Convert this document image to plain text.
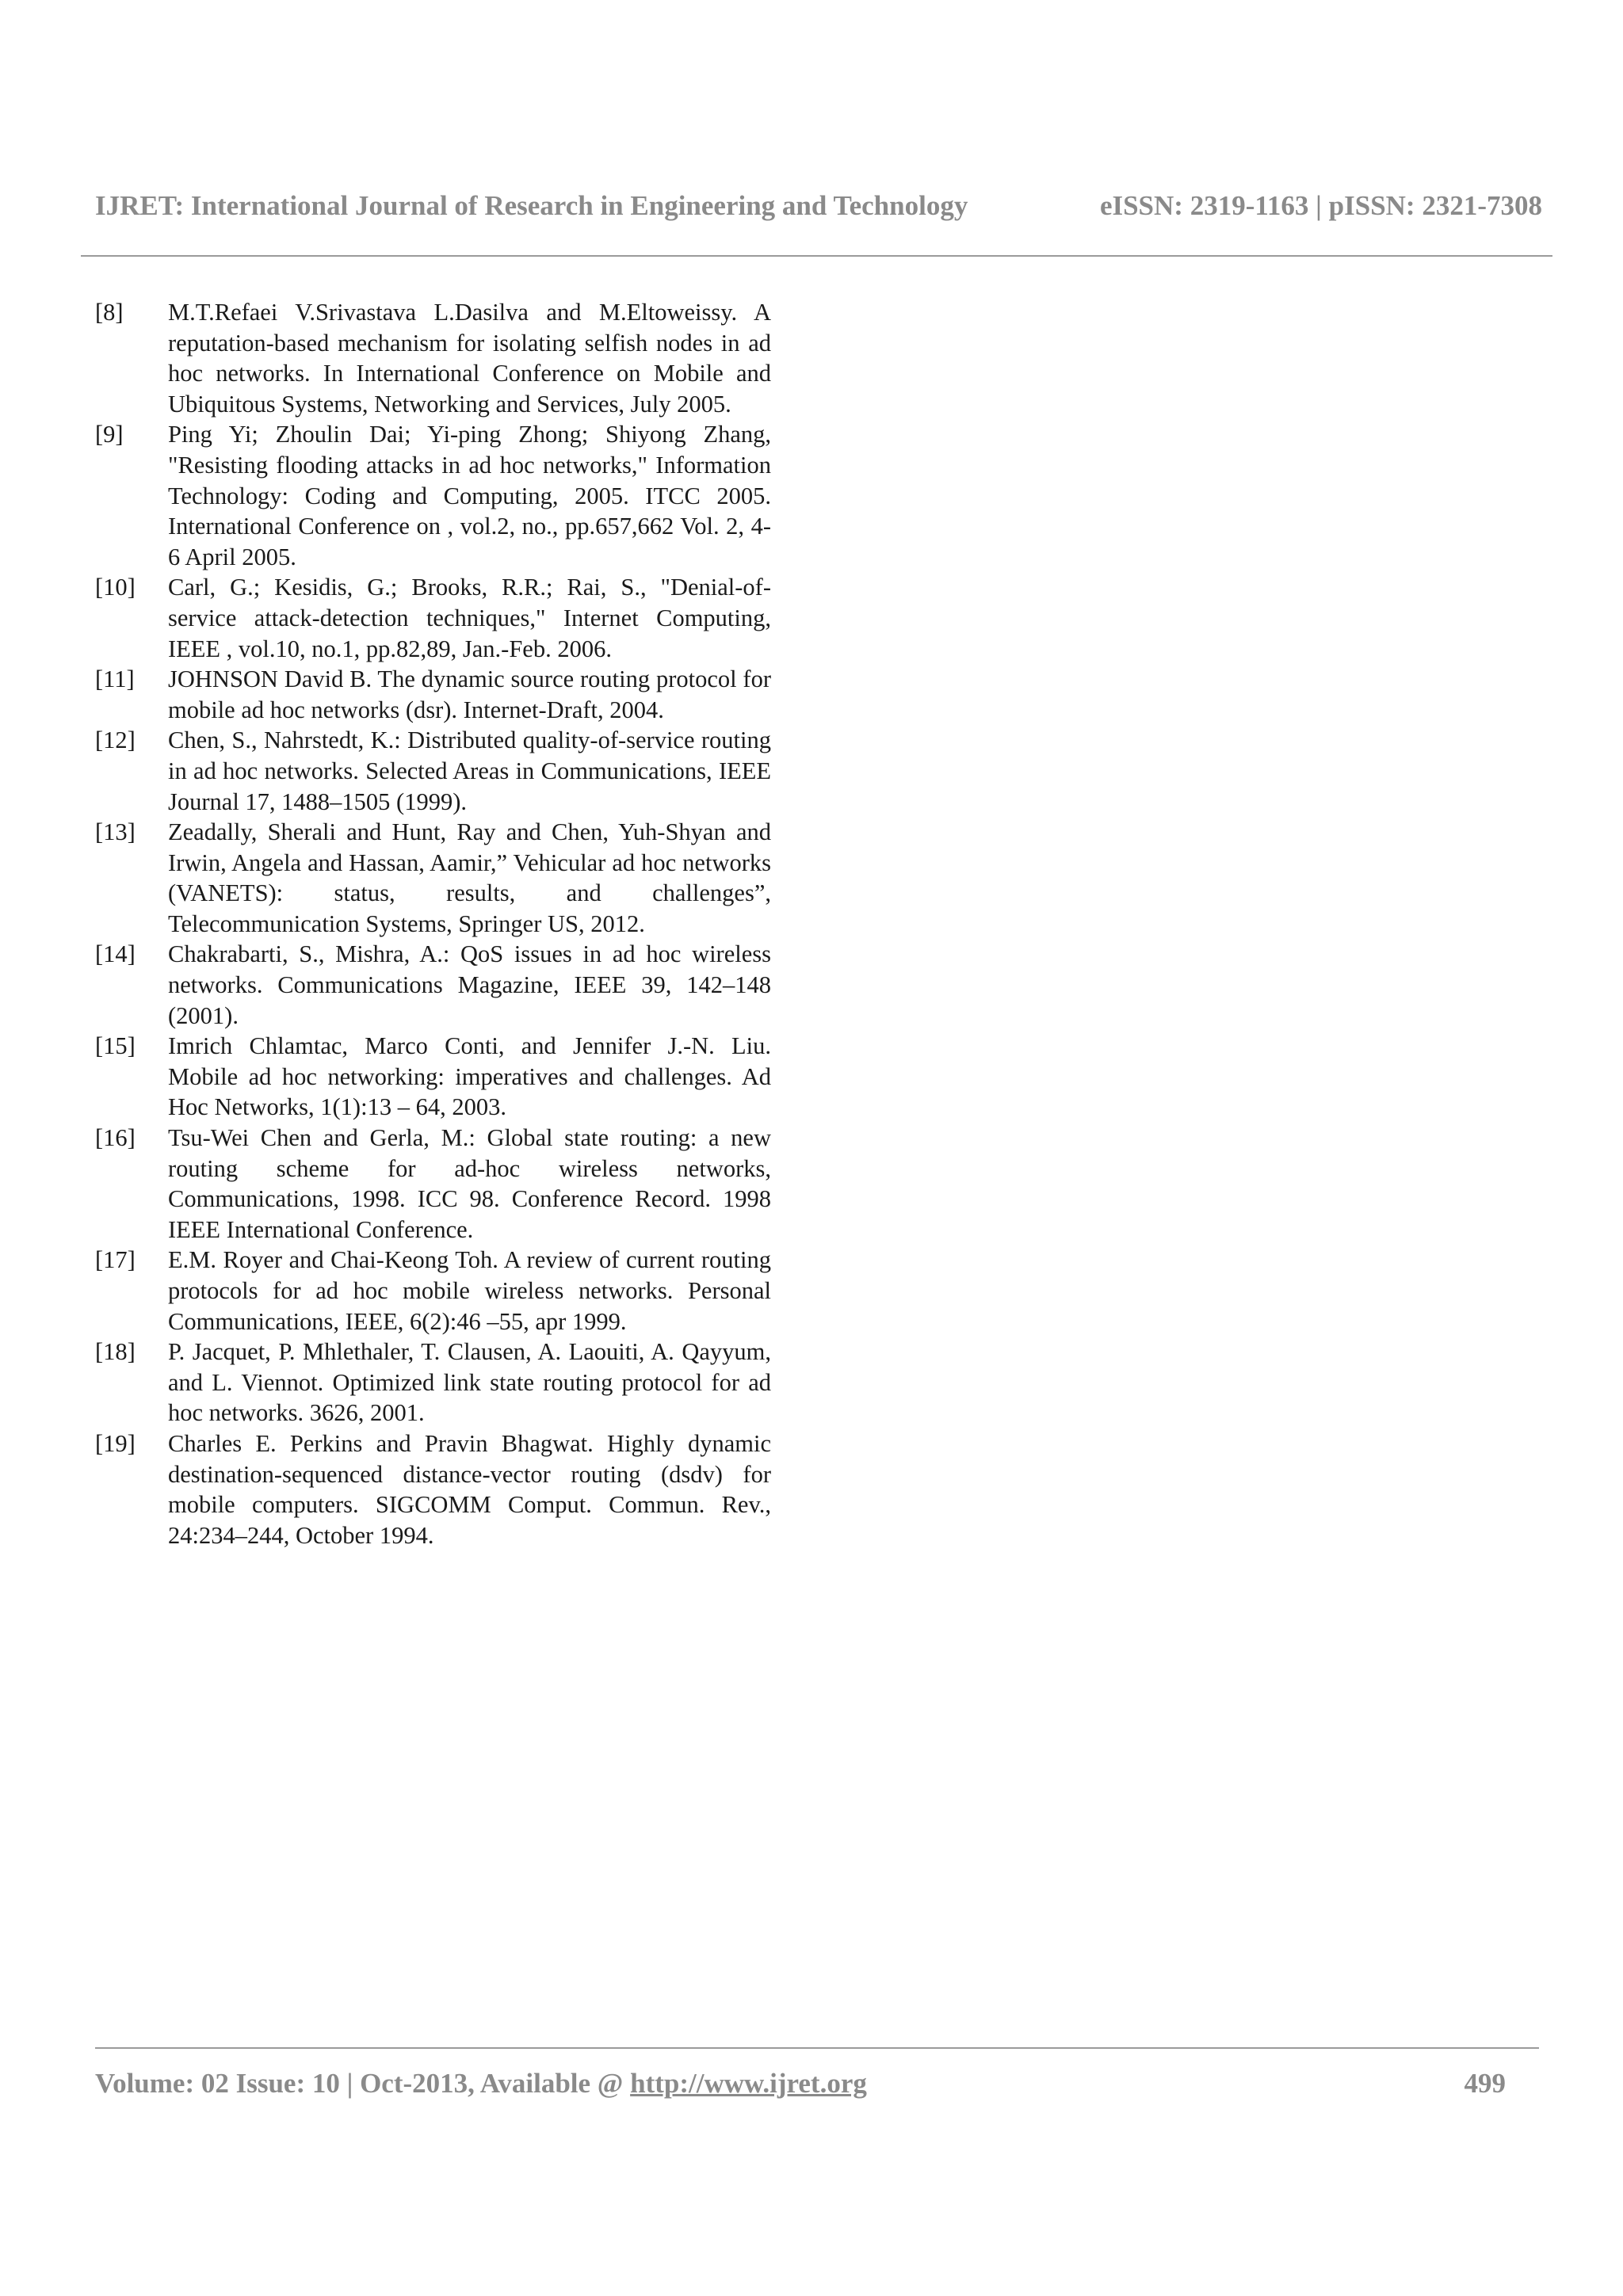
IJRET: International Journal of Research in Engineering and Technology	eISSN: 2319-1163 | pISSN: 2321-7308
[8] M.T.Refaei V.Srivastava L.Dasilva and M.Eltoweissy. A reputation-based mechanism for isolating selfish nodes in ad hoc networks. In International Conference on Mobile and Ubiquitous Systems, Networking and Services, July 2005.
[9] Ping Yi; Zhoulin Dai; Yi-ping Zhong; Shiyong Zhang, "Resisting flooding attacks in ad hoc networks," Information Technology: Coding and Computing, 2005. ITCC 2005. International Conference on , vol.2, no., pp.657,662 Vol. 2, 4-6 April 2005.
[10] Carl, G.; Kesidis, G.; Brooks, R.R.; Rai, S., "Denial-of-service attack-detection techniques," Internet Computing, IEEE , vol.10, no.1, pp.82,89, Jan.-Feb. 2006.
[11] JOHNSON David B. The dynamic source routing protocol for mobile ad hoc networks (dsr). Internet-Draft, 2004.
[12] Chen, S., Nahrstedt, K.: Distributed quality-of-service routing in ad hoc networks. Selected Areas in Communications, IEEE Journal 17, 1488–1505 (1999).
[13] Zeadally, Sherali and Hunt, Ray and Chen, Yuh-Shyan and Irwin, Angela and Hassan, Aamir,” Vehicular ad hoc networks (VANETS): status, results, and challenges”, Telecommunication Systems, Springer US, 2012.
[14] Chakrabarti, S., Mishra, A.: QoS issues in ad hoc wireless networks. Communications Magazine, IEEE 39, 142–148 (2001).
[15] Imrich Chlamtac, Marco Conti, and Jennifer J.-N. Liu. Mobile ad hoc networking: imperatives and challenges. Ad Hoc Networks, 1(1):13 – 64, 2003.
[16] Tsu-Wei Chen and Gerla, M.: Global state routing: a new routing scheme for ad-hoc wireless networks, Communications, 1998. ICC 98. Conference Record. 1998 IEEE International Conference.
[17] E.M. Royer and Chai-Keong Toh. A review of current routing protocols for ad hoc mobile wireless networks. Personal Communications, IEEE, 6(2):46 –55, apr 1999.
[18] P. Jacquet, P. Mhlethaler, T. Clausen, A. Laouiti, A. Qayyum, and L. Viennot. Optimized link state routing protocol for ad hoc networks. 3626, 2001.
[19] Charles E. Perkins and Pravin Bhagwat. Highly dynamic destination-sequenced distance-vector routing (dsdv) for mobile computers. SIGCOMM Comput. Commun. Rev., 24:234–244, October 1994.
Volume: 02 Issue: 10 | Oct-2013, Available @ http://www.ijret.org	499
